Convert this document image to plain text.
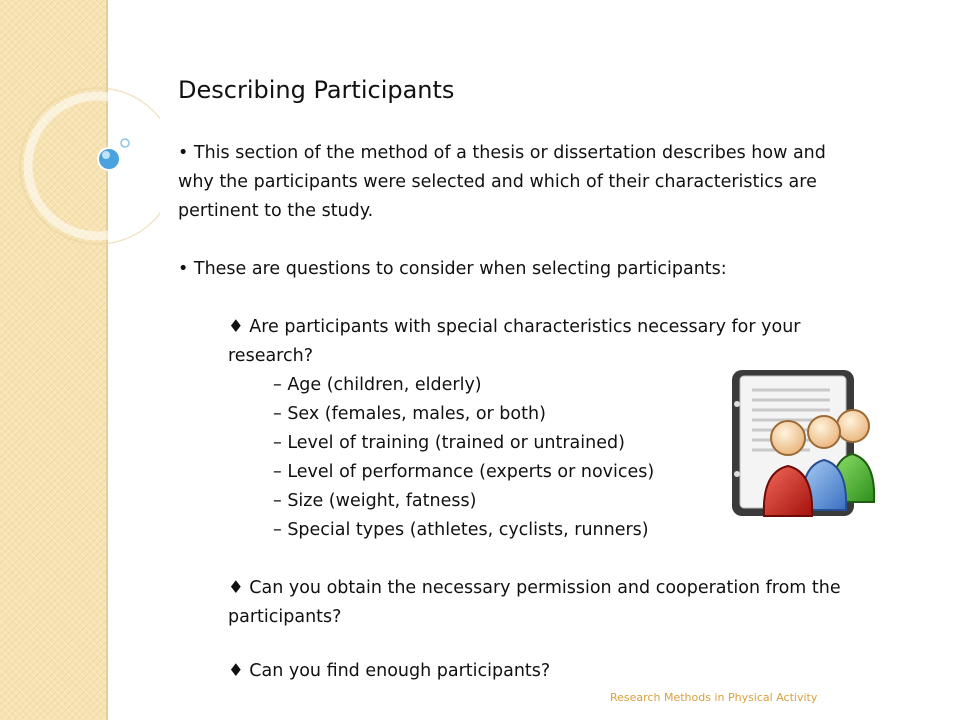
Describing Participants

• This section of the method of a thesis or dissertation describes how and

why the participants were selected and which of their characteristics are

pertinent to the study.

• These are questions to consider when selecting participants:

♦ Are participants with special characteristics necessary for your

research?

– Age (children, elderly)

– Sex (females, males, or both)

– Level of training (trained or untrained)

– Level of performance (experts or novices)

– Size (weight, fatness)

– Special types (athletes, cyclists, runners)

♦ Can you obtain the necessary permission and cooperation from the

participants?

♦ Can you find enough participants?

Research Methods in Physical Activity
